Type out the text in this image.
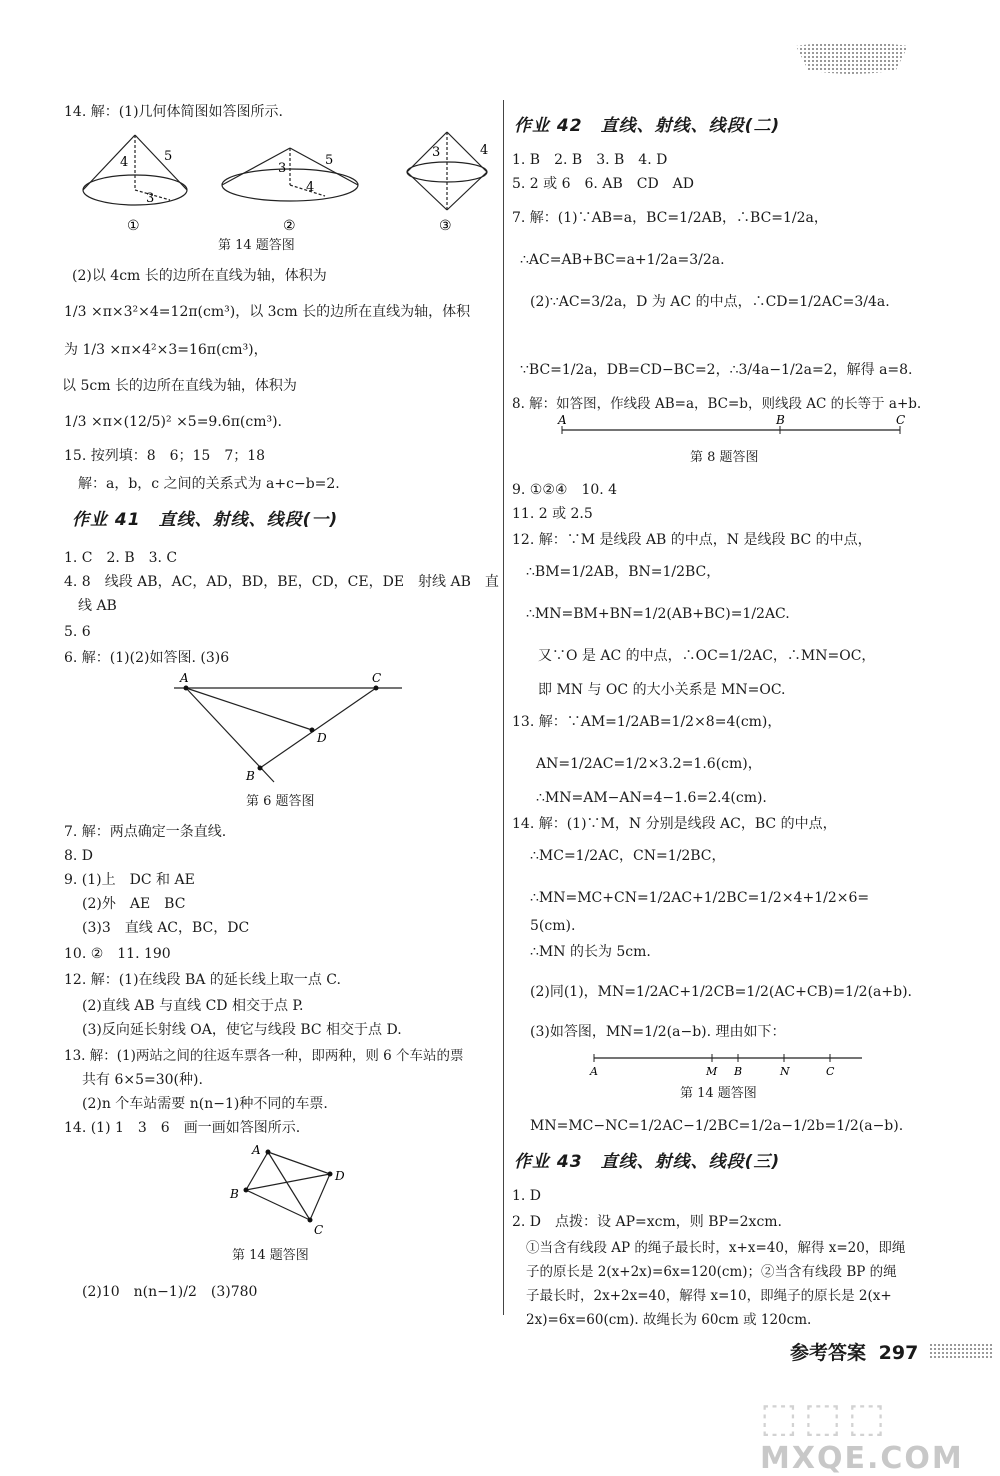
14. 解：(1)几何体简图如答图所示.
4	5
3
①
3
5
4
②
3	4
③
第 14 题答图
(2)以 4cm 长的边所在直线为轴，体积为
1/3 ×π×3²×4=12π(cm³)，以 3cm 长的边所在直线为轴，体积
为 1/3 ×π×4²×3=16π(cm³)，
以 5cm 长的边所在直线为轴，体积为
1/3 ×π×(12/5)² ×5=9.6π(cm³).
15. 按列填：8　6；15　7；18
解：a，b，c 之间的关系式为 a+c−b=2.
作业 41　直线、射线、线段(一)
1. C　2. B　3. C
4. 8　线段 AB，AC，AD，BD，BE，CD，CE，DE　射线 AB　直
线 AB
5. 6
6. 解：(1)(2)如答图. (3)6
A	C
D
B
第 6 题答图
7. 解：两点确定一条直线.
8. D
9. (1)上　DC 和 AE
(2)外　AE　BC
(3)3　直线 AC，BC，DC
10. ②　11. 190
12. 解：(1)在线段 BA 的延长线上取一点 C.
(2)直线 AB 与直线 CD 相交于点 P.
(3)反向延长射线 OA，使它与线段 BC 相交于点 D.
13. 解：(1)两站之间的往返车票各一种，即两种，则 6 个车站的票
共有 6×5=30(种).
(2)n 个车站需要 n(n−1)种不同的车票.
14. (1) 1　3　6　画一画如答图所示.
A
D
B
C
第 14 题答图
(2)10　n(n−1)/2　(3)780
作业 42　直线、射线、线段(二)
1. B　2. B　3. B　4. D
5. 2 或 6　6. AB　CD　AD
7. 解：(1)∵AB=a，BC=1/2AB，∴BC=1/2a，
∴AC=AB+BC=a+1/2a=3/2a.
(2)∵AC=3/2a，D 为 AC 的中点，∴CD=1/2AC=3/4a.
∵BC=1/2a，DB=CD−BC=2，∴3/4a−1/2a=2，解得 a=8.
8. 解：如答图，作线段 AB=a，BC=b，则线段 AC 的长等于 a+b.
A	B	C
第 8 题答图
9. ①②④　10. 4
11. 2 或 2.5
12. 解：∵M 是线段 AB 的中点，N 是线段 BC 的中点，
∴BM=1/2AB，BN=1/2BC，
∴MN=BM+BN=1/2(AB+BC)=1/2AC.
又∵O 是 AC 的中点，∴OC=1/2AC，∴MN=OC，
即 MN 与 OC 的大小关系是 MN=OC.
13. 解：∵AM=1/2AB=1/2×8=4(cm)，
AN=1/2AC=1/2×3.2=1.6(cm)，
∴MN=AM−AN=4−1.6=2.4(cm).
14. 解：(1)∵M，N 分别是线段 AC，BC 的中点，
∴MC=1/2AC，CN=1/2BC，
∴MN=MC+CN=1/2AC+1/2BC=1/2×4+1/2×6=
5(cm).
∴MN 的长为 5cm.
(2)同(1)，MN=1/2AC+1/2CB=1/2(AC+CB)=1/2(a+b).
(3)如答图，MN=1/2(a−b). 理由如下：
A	M B	N	C
第 14 题答图
MN=MC−NC=1/2AC−1/2BC=1/2a−1/2b=1/2(a−b).
作业 43　直线、射线、线段(三)
1. D
2. D　点拨：设 AP=xcm，则 BP=2xcm.
①当含有线段 AP 的绳子最长时，x+x=40，解得 x=20，即绳
子的原长是 2(x+2x)=6x=120(cm)；②当含有线段 BP 的绳
子最长时，2x+2x=40，解得 x=10，即绳子的原长是 2(x+
2x)=6x=60(cm). 故绳长为 60cm 或 120cm.
参考答案 297
⬚⬚⬚
MXQE.COM
